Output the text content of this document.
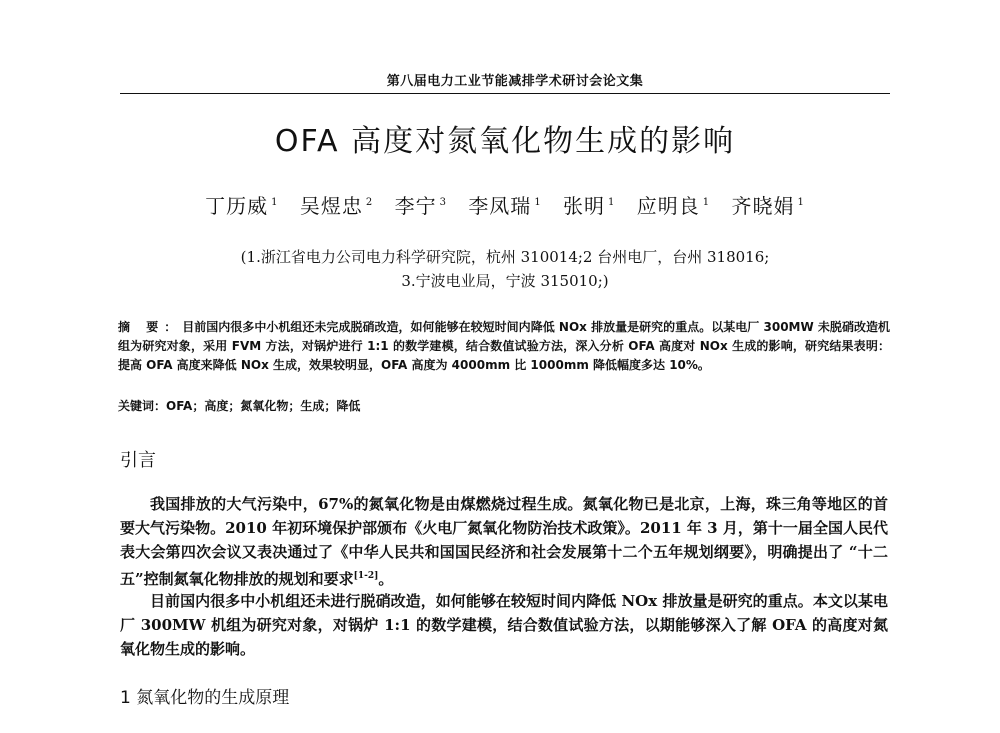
第八届电力工业节能减排学术研讨会论文集
OFA 高度对氮氧化物生成的影响
丁历威 $^1$ 吴煜忠 $^2$ 李宁 $^3$ 李凤瑞 $^1$ 张明 $^1$ 应明良 $^1$ 齐晓娟 $^1$
(1.浙江省电力公司电力科学研究院，杭州 310014;2 台州电厂，台州 318016;
3.宁波电业局，宁波 315010;)
摘 要：目前国内很多中小机组还未完成脱硝改造，如何能够在较短时间内降低 NOx 排放量是研究的重点。以某电厂 300MW 未脱硝改造机组为研究对象，采用 FVM 方法，对锅炉进行 1:1 的数学建模，结合数值试验方法，深入分析 OFA 高度对 NOx 生成的影响，研究结果表明：提高 OFA 高度来降低 NOx 生成，效果较明显，OFA 高度为 4000mm 比 1000mm 降低幅度多达 10%。
关键词：OFA；高度；氮氧化物；生成；降低
引言
我国排放的大气污染中，67%的氮氧化物是由煤燃烧过程生成。氮氧化物已是北京，上海，珠三角等地区的首要大气污染物。2010 年初环境保护部颁布《火电厂氮氧化物防治技术政策》。2011 年 3 月，第十一届全国人民代表大会第四次会议又表决通过了《中华人民共和国国民经济和社会发展第十二个五年规划纲要》，明确提出了 “十二五”控制氮氧化物排放的规划和要求[1-2]。
目前国内很多中小机组还未进行脱硝改造，如何能够在较短时间内降低 NOx 排放量是研究的重点。本文以某电厂 300MW 机组为研究对象，对锅炉 1:1 的数学建模，结合数值试验方法，以期能够深入了解 OFA 的高度对氮氧化物生成的影响。
1 氮氧化物的生成原理
